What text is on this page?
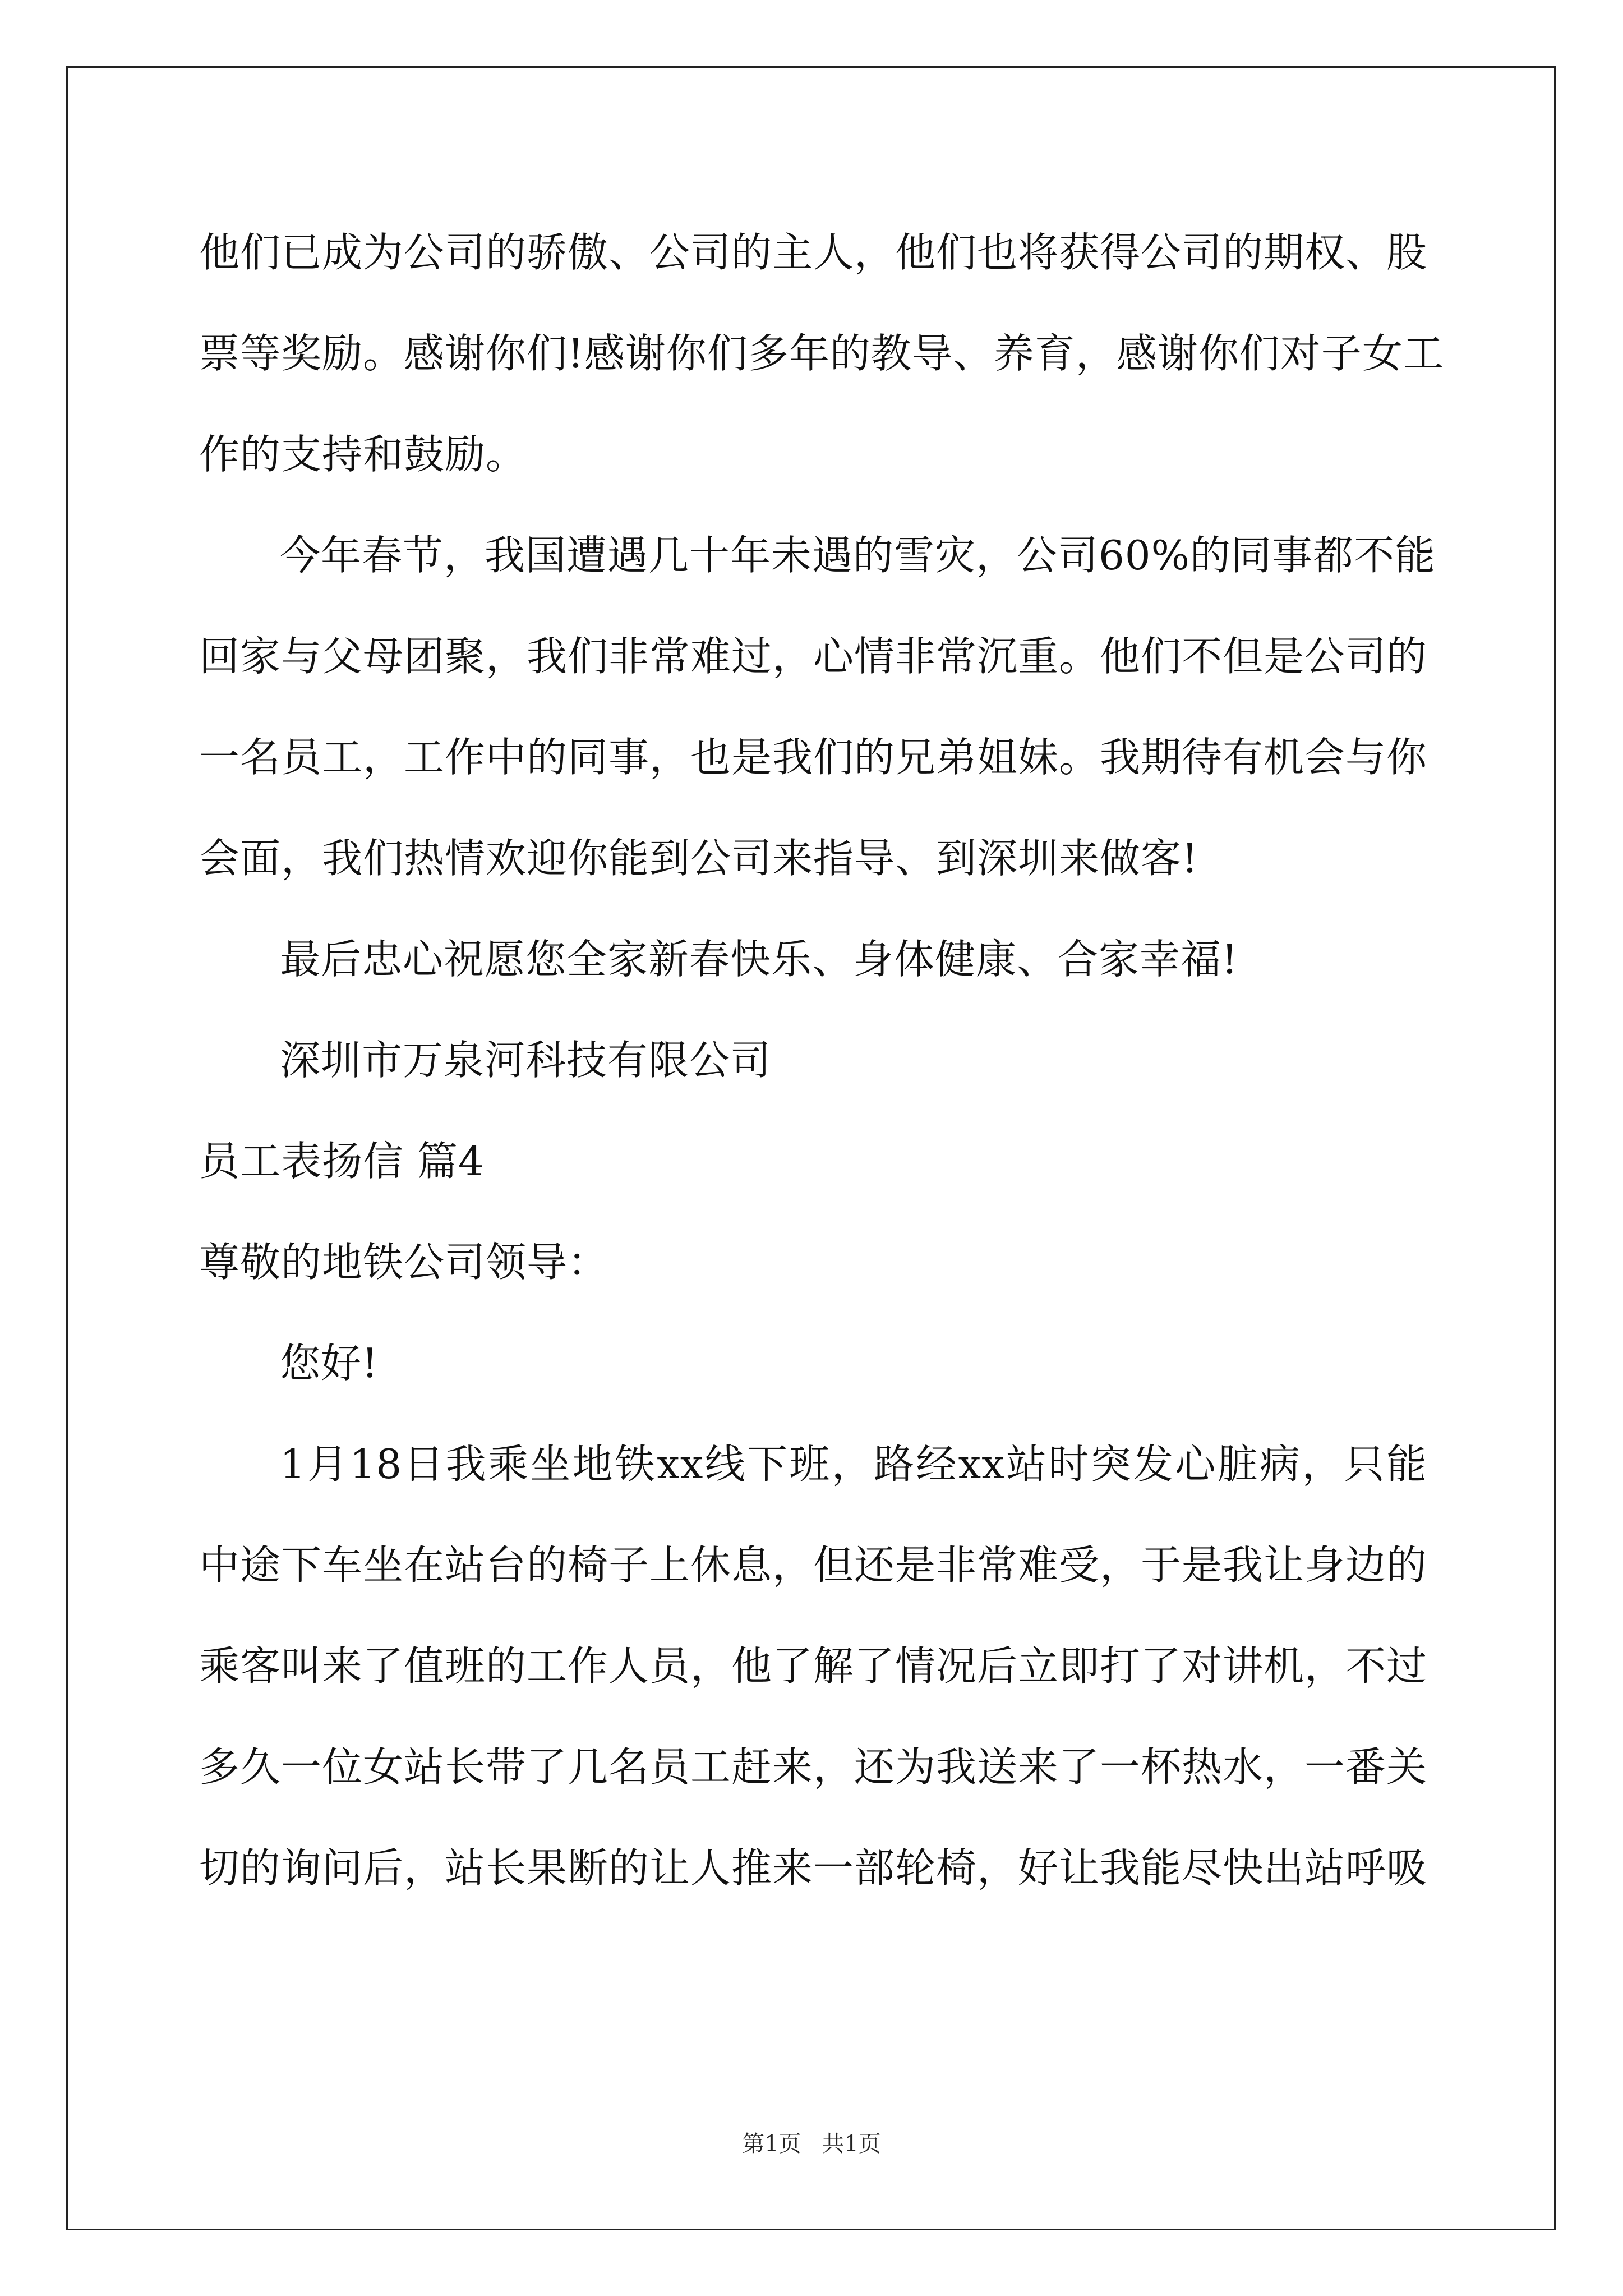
他们已成为公司的骄傲、公司的主人，他们也将获得公司的期权、股
票等奖励。感谢你们!感谢你们多年的教导、养育，感谢你们对子女工
作的支持和鼓励。
今年春节，我国遭遇几十年未遇的雪灾，公司60%的同事都不能
回家与父母团聚，我们非常难过，心情非常沉重。他们不但是公司的
一名员工，工作中的同事，也是我们的兄弟姐妹。我期待有机会与你
会面，我们热情欢迎你能到公司来指导、到深圳来做客!
最后忠心祝愿您全家新春快乐、身体健康、合家幸福!
深圳市万泉河科技有限公司
员工表扬信 篇4
尊敬的地铁公司领导：
您好!
1月18日我乘坐地铁xx线下班，路经xx站时突发心脏病，只能
中途下车坐在站台的椅子上休息，但还是非常难受，于是我让身边的
乘客叫来了值班的工作人员，他了解了情况后立即打了对讲机，不过
多久一位女站长带了几名员工赶来，还为我送来了一杯热水，一番关
切的询问后，站长果断的让人推来一部轮椅，好让我能尽快出站呼吸
第1页 共1页
